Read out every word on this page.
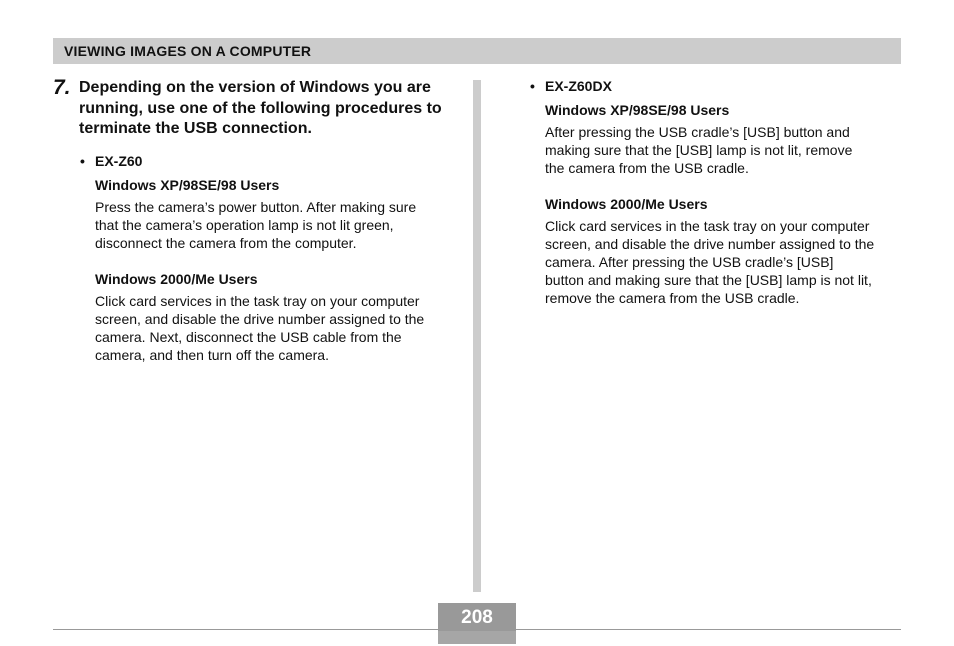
VIEWING IMAGES ON A COMPUTER
7. Depending on the version of Windows you are running, use one of the following procedures to terminate the USB connection.
• EX-Z60
Windows XP/98SE/98 Users
Press the camera’s power button. After making sure
that the camera’s operation lamp is not lit green,
disconnect the camera from the computer.
Windows 2000/Me Users
Click card services in the task tray on your computer
screen, and disable the drive number assigned to the
camera. Next, disconnect the USB cable from the
camera, and then turn off the camera.
• EX-Z60DX
Windows XP/98SE/98 Users
After pressing the USB cradle’s [USB] button and
making sure that the [USB] lamp is not lit, remove
the camera from the USB cradle.
Windows 2000/Me Users
Click card services in the task tray on your computer
screen, and disable the drive number assigned to the
camera. After pressing the USB cradle’s [USB]
button and making sure that the [USB] lamp is not lit,
remove the camera from the USB cradle.
208
